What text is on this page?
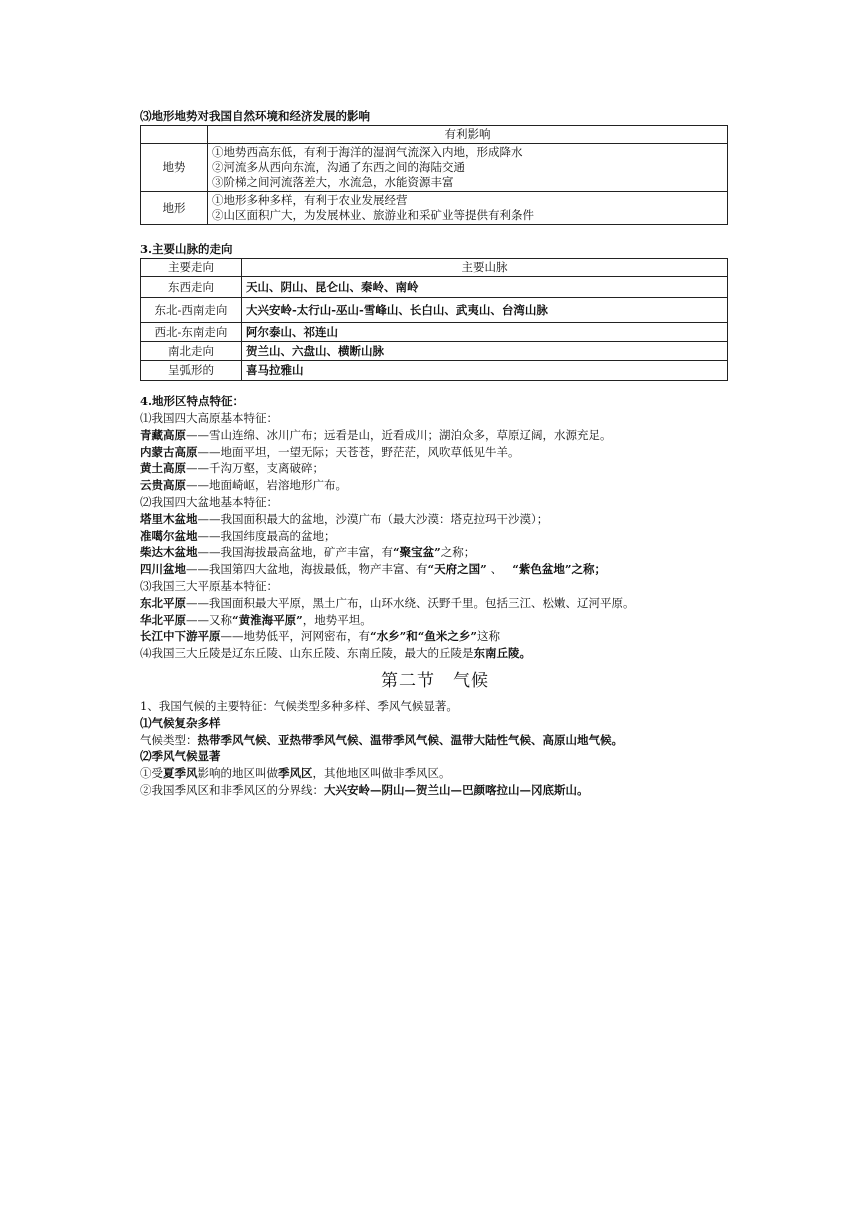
⑶地形地势对我国自然环境和经济发展的影响

	有利影响
地势	①地势西高东低，有利于海洋的湿润气流深入内地，形成降水
②河流多从西向东流，沟通了东西之间的海陆交通
③阶梯之间河流落差大，水流急，水能资源丰富

地形	①地形多种多样，有利于农业发展经营
②山区面积广大，为发展林业、旅游业和采矿业等提供有利条件

3.主要山脉的走向

主要走向	主要山脉
东西走向	天山、阴山、昆仑山、秦岭、南岭
东北-西南走向	大兴安岭-太行山-巫山-雪峰山、长白山、武夷山、台湾山脉
西北-东南走向	阿尔泰山、祁连山
南北走向	贺兰山、六盘山、横断山脉
呈弧形的	喜马拉雅山

4.地形区特点特征：

⑴我国四大高原基本特征：

青藏高原——雪山连绵、冰川广布；远看是山，近看成川；湖泊众多，草原辽阔，水源充足。

内蒙古高原——地面平坦，一望无际；天苍苍，野茫茫，风吹草低见牛羊。

黄土高原——千沟万壑，支离破碎；

云贵高原——地面崎岖，岩溶地形广布。

⑵我国四大盆地基本特征：

塔里木盆地——我国面积最大的盆地，沙漠广布（最大沙漠：塔克拉玛干沙漠）；

准噶尔盆地——我国纬度最高的盆地；

柴达木盆地——我国海拔最高盆地，矿产丰富，有“聚宝盆”之称；

四川盆地——我国第四大盆地，海拔最低，物产丰富、有“天府之国” 、 “紫色盆地”之称；

⑶我国三大平原基本特征：

东北平原——我国面积最大平原，黑土广布，山环水绕、沃野千里。包括三江、松嫩、辽河平原。

华北平原——又称“黄淮海平原”，地势平坦。

长江中下游平原——地势低平，河网密布，有“水乡”和“鱼米之乡”这称

⑷我国三大丘陵是辽东丘陵、山东丘陵、东南丘陵，最大的丘陵是东南丘陵。

第二节　气候

1、我国气候的主要特征：气候类型多种多样、季风气候显著。

⑴气候复杂多样

气候类型：热带季风气候、亚热带季风气候、温带季风气候、温带大陆性气候、高原山地气候。

⑵季风气候显著

①受夏季风影响的地区叫做季风区，其他地区叫做非季风区。

②我国季风区和非季风区的分界线：大兴安岭—阴山—贺兰山—巴颜喀拉山—冈底斯山。
